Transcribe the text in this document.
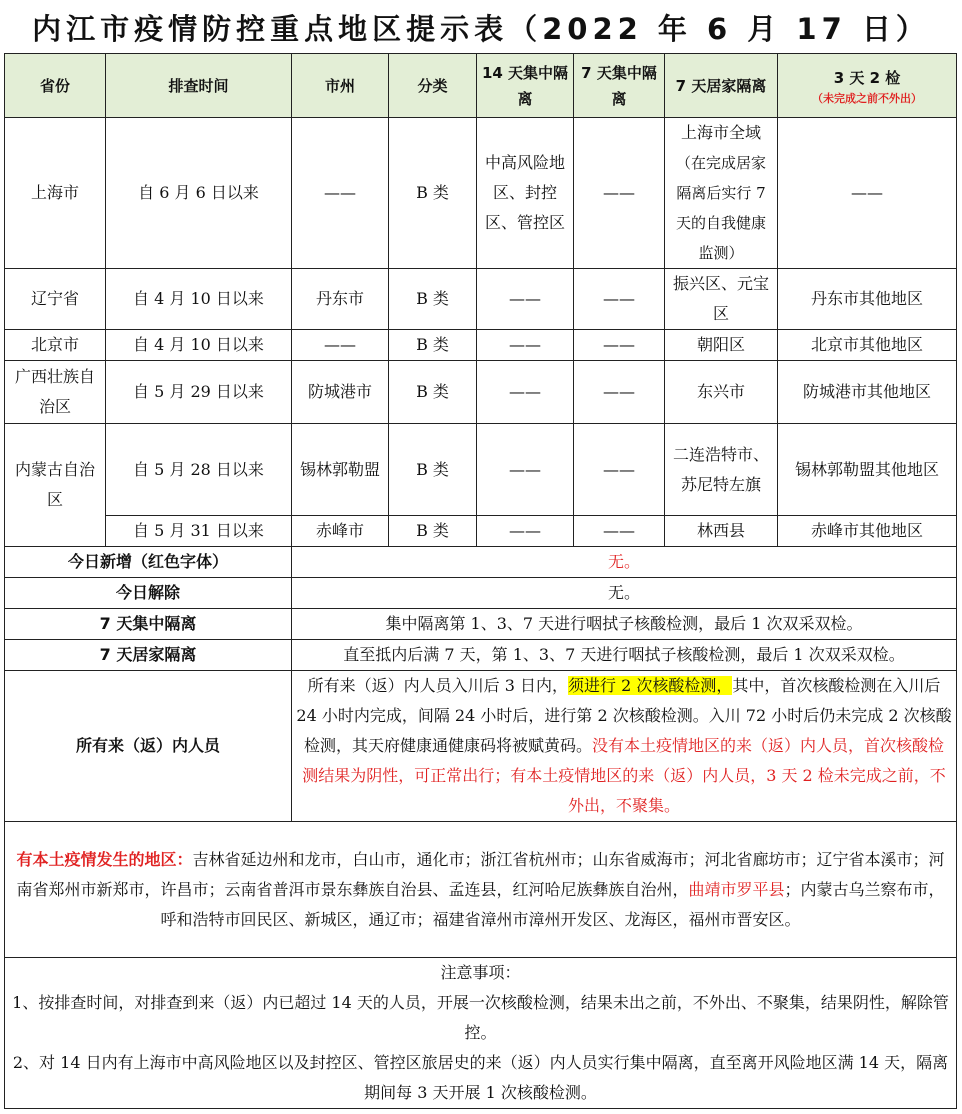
内江市疫情防控重点地区提示表（2022 年 6 月 17 日）
省份	排查时间	市州	分类	14 天集中隔离	7 天集中隔离	7 天居家隔离	3 天 2 检
（未完成之前不外出）

上海市	自 6 月 6 日以来	——	B 类	中高风险地区、封控区、管控区	——	上海市全域（在完成居家隔离后实行 7 天的自我健康监测）	——
辽宁省	自 4 月 10 日以来	丹东市	B 类	——	——	振兴区、元宝区	丹东市其他地区
北京市	自 4 月 10 日以来	——	B 类	——	——	朝阳区	北京市其他地区
广西壮族自治区	自 5 月 29 日以来	防城港市	B 类	——	——	东兴市	防城港市其他地区
内蒙古自治区	自 5 月 28 日以来	锡林郭勒盟	B 类	——	——	二连浩特市、苏尼特左旗	锡林郭勒盟其他地区
	自 5 月 31 日以来	赤峰市	B 类	——	——	林西县	赤峰市其他地区
今日新增（红色字体）		无。					
今日解除		无。					
7 天集中隔离		集中隔离第 1、3、7 天进行咽拭子核酸检测，最后 1 次双采双检。					
7 天居家隔离		直至抵内后满 7 天，第 1、3、7 天进行咽拭子核酸检测，最后 1 次双采双检。					
所有来（返）内人员		所有来（返）内人员入川后 3 日内，须进行 2 次核酸检测，其中，首次核酸检测在入川后 24 小时内完成，间隔 24 小时后，进行第 2 次核酸检测。入川 72 小时后仍未完成 2 次核酸检测，其天府健康通健康码将被赋黄码。没有本土疫情地区的来（返）内人员，首次核酸检测结果为阴性，可正常出行；有本土疫情地区的来（返）内人员，3 天 2 检未完成之前，不外出，不聚集。					
有本土疫情发生的地区：吉林省延边州和龙市，白山市，通化市；浙江省杭州市；山东省威海市；河北省廊坊市；辽宁省本溪市；河南省郑州市新郑市，许昌市；云南省普洱市景东彝族自治县、孟连县，红河哈尼族彝族自治州，曲靖市罗平县；内蒙古乌兰察布市，呼和浩特市回民区、新城区，通辽市；福建省漳州市漳州开发区、龙海区，福州市晋安区。							

注意事项：
1、按排查时间，对排查到来（返）内已超过 14 天的人员，开展一次核酸检测，结果未出之前，不外出、不聚集，结果阴性，解除管控。
2、对 14 日内有上海市中高风险地区以及封控区、管控区旅居史的来（返）内人员实行集中隔离，直至离开风险地区满 14 天，隔离期间每 3 天开展 1 次核酸检测。							
